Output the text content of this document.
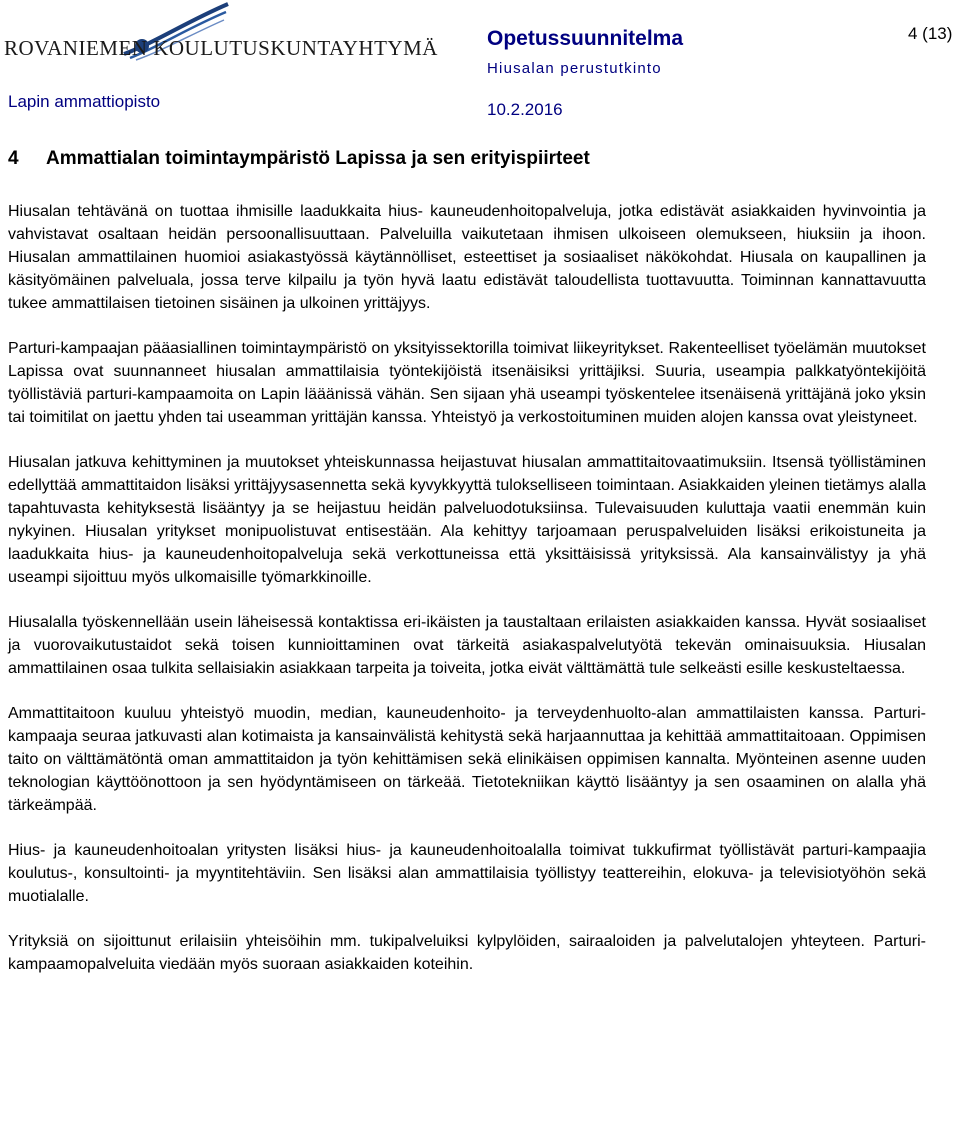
ROVANIEMEN KOULUTUSKUNTAYHTYMÄ
Lapin ammattiopisto
Opetussuunnitelma
Hiusalan perustutkinto
10.2.2016
4 (13)
4 Ammattialan toimintaympäristö Lapissa ja sen erityispiirteet

Hiusalan tehtävänä on tuottaa ihmisille laadukkaita hius- kauneudenhoitopalveluja, jotka edistävät asiakkaiden hyvinvointia ja vahvistavat osaltaan heidän persoonallisuuttaan. Palveluilla vaikutetaan ihmisen ulkoiseen olemukseen, hiuksiin ja ihoon. Hiusalan ammattilainen huomioi asiakastyössä käytännölliset, esteettiset ja sosiaaliset näkökohdat. Hiusala on kaupallinen ja käsityömäinen palveluala, jossa terve kilpailu ja työn hyvä laatu edistävät taloudellista tuottavuutta. Toiminnan kannattavuutta tukee ammattilaisen tietoinen sisäinen ja ulkoinen yrittäjyys.

Parturi-kampaajan pääasiallinen toimintaympäristö on yksityissektorilla toimivat liikeyritykset. Rakenteelliset työelämän muutokset Lapissa ovat suunnanneet hiusalan ammattilaisia työntekijöistä itsenäisiksi yrittäjiksi. Suuria, useampia palkkatyöntekijöitä työllistäviä parturi-kampaamoita on Lapin lääänissä vähän. Sen sijaan yhä useampi työskentelee itsenäisenä yrittäjänä joko yksin tai toimitilat on jaettu yhden tai useamman yrittäjän kanssa. Yhteistyö ja verkostoituminen muiden alojen kanssa ovat yleistyneet.

Hiusalan jatkuva kehittyminen ja muutokset yhteiskunnassa heijastuvat hiusalan ammattitaitovaatimuksiin. Itsensä työllistäminen edellyttää ammattitaidon lisäksi yrittäjyysasennetta sekä kyvykkyyttä tulokselliseen toimintaan. Asiakkaiden yleinen tietämys alalla tapahtuvasta kehityksestä lisääntyy ja se heijastuu heidän palveluodotuksiinsa. Tulevaisuuden kuluttaja vaatii enemmän kuin nykyinen. Hiusalan yritykset monipuolistuvat entisestään. Ala kehittyy tarjoamaan peruspalveluiden lisäksi erikoistuneita ja laadukkaita hius- ja kauneudenhoitopalveluja sekä verkottuneissa että yksittäisissä yrityksissä. Ala kansainvälistyy ja yhä useampi sijoittuu myös ulkomaisille työmarkkinoille.

Hiusalalla työskennellään usein läheisessä kontaktissa eri-ikäisten ja taustaltaan erilaisten asiakkaiden kanssa. Hyvät sosiaaliset ja vuorovaikutustaidot sekä toisen kunnioittaminen ovat tärkeitä asiakaspalvelutyötä tekevän ominaisuuksia. Hiusalan ammattilainen osaa tulkita sellaisiakin asiakkaan tarpeita ja toiveita, jotka eivät välttämättä tule selkeästi esille keskusteltaessa.

Ammattitaitoon kuuluu yhteistyö muodin, median, kauneudenhoito- ja terveydenhuolto-alan ammattilaisten kanssa. Parturi-kampaaja seuraa jatkuvasti alan kotimaista ja kansainvälistä kehitystä sekä harjaannuttaa ja kehittää ammattitaitoaan. Oppimisen taito on välttämätöntä oman ammattitaidon ja työn kehittämisen sekä elinikäisen oppimisen kannalta. Myönteinen asenne uuden teknologian käyttöönottoon ja sen hyödyntämiseen on tärkeää. Tietotekniikan käyttö lisääntyy ja sen osaaminen on alalla yhä tärkeämpää.

Hius- ja kauneudenhoitoalan yritysten lisäksi hius- ja kauneudenhoitoalalla toimivat tukkufirmat työllistävät parturi-kampaajia koulutus-, konsultointi- ja myyntitehtäviin. Sen lisäksi alan ammattilaisia työllistyy teattereihin, elokuva- ja televisiotyöhön sekä muotialalle.

Yrityksiä on sijoittunut erilaisiin yhteisöihin mm. tukipalveluiksi kylpylöiden, sairaaloiden ja palvelutalojen yhteyteen. Parturi-kampaamopalveluita viedään myös suoraan asiakkaiden koteihin.
